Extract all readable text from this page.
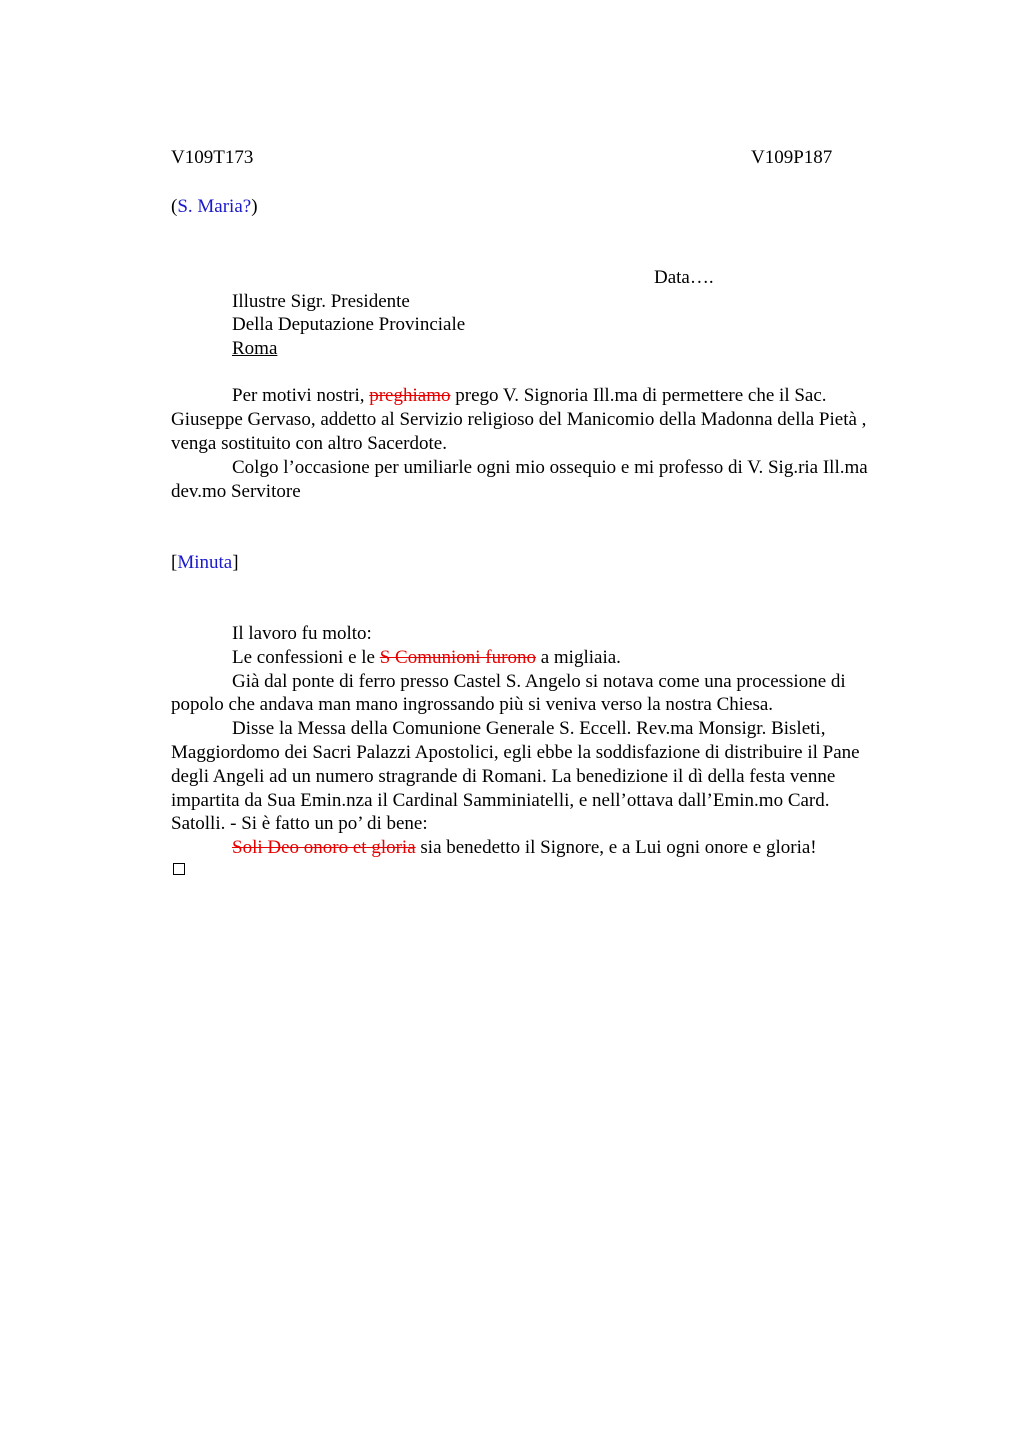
V109T173	V109P187
(S. Maria?)
Data….
Illustre Sigr. Presidente
Della Deputazione Provinciale
Roma
Per motivi nostri, preghiamo prego V. Signoria Ill.ma di permettere che il Sac.
Giuseppe Gervaso, addetto al Servizio religioso del Manicomio della Madonna della Pietà ,
venga sostituito con altro Sacerdote.
Colgo l’occasione per umiliarle ogni mio ossequio e mi professo di V. Sig.ria Ill.ma
dev.mo Servitore
[Minuta]
Il lavoro fu molto:
Le confessioni e le S Comunioni furono a migliaia.
Già dal ponte di ferro presso Castel S. Angelo si notava come una processione di
popolo che andava man mano ingrossando più si veniva verso la nostra Chiesa.
Disse la Messa della Comunione Generale S. Eccell. Rev.ma Monsigr. Bisleti,
Maggiordomo dei Sacri Palazzi Apostolici, egli ebbe la soddisfazione di distribuire il Pane
degli Angeli ad un numero stragrande di Romani. La benedizione il dì della festa venne
impartita da Sua Emin.nza il Cardinal Samminiatelli, e nell’ottava dall’Emin.mo Card.
Satolli. - Si è fatto un po’ di bene:
Soli Deo onoro et gloria sia benedetto il Signore, e a Lui ogni onore e gloria!
